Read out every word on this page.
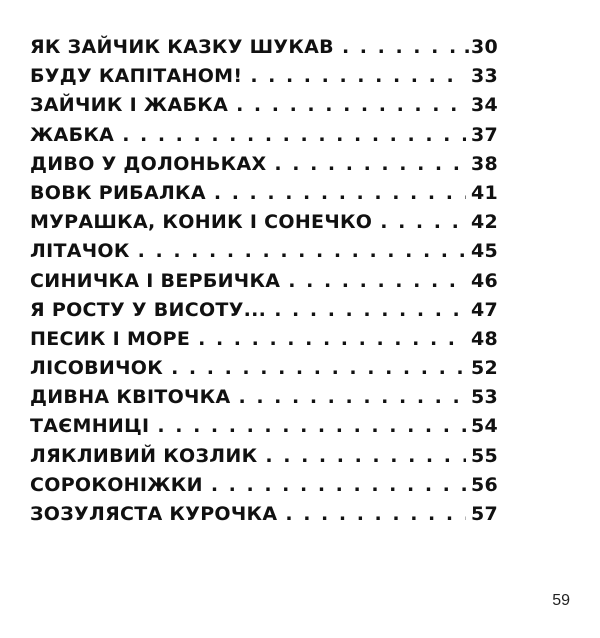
ЯК ЗАЙЧИК КАЗКУ ШУКАВ . . .	.30
БУДУ КАПІТАНОМ! . . .	33
ЗАЙЧИК І ЖАБКА . . .	34
ЖАБКА . . .	37
ДИВО У ДОЛОНЬКАХ . . .	38
ВОВК РИБАЛКА . . .	41
МУРАШКА, КОНИК І СОНЕЧКО . . .	42
ЛІТАЧОК . . .	45
СИНИЧКА І ВЕРБИЧКА . . .	46
Я РОСТУ У ВИСОТУ... . . .	47
ПЕСИК І МОРЕ . . .	48
ЛІСОВИЧОК . . .	52
ДИВНА КВІТОЧКА . . .	53
ТАЄМНИЦІ . . .	54
ЛЯКЛИВИЙ КОЗЛИК . . .	55
СОРОКОНІЖКИ . . .	56
ЗОЗУЛЯСТА КУРОЧКА . . .	57
59
